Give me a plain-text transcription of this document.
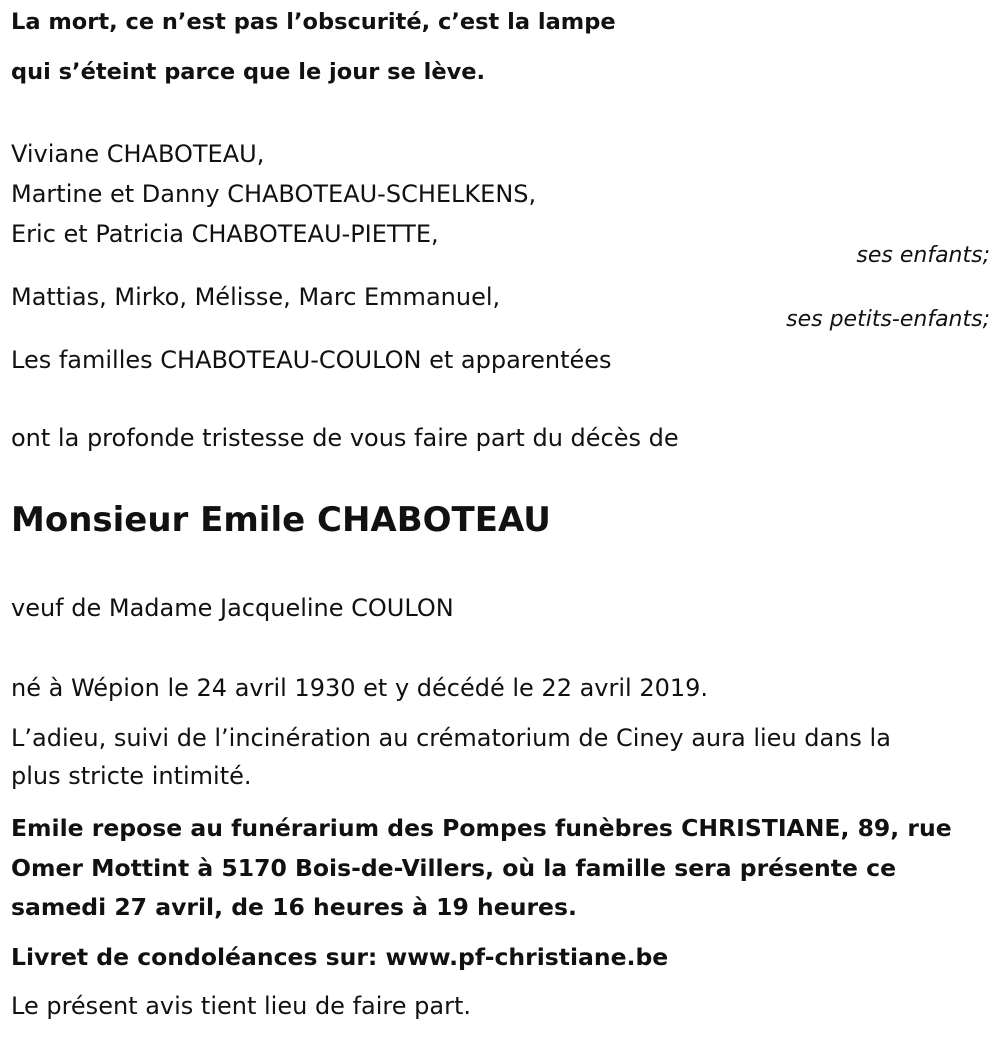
La mort, ce n’est pas l’obscurité, c’est la lampe

qui s’éteint parce que le jour se lève.

Viviane CHABOTEAU,

Martine et Danny CHABOTEAU-SCHELKENS,

Eric et Patricia CHABOTEAU-PIETTE,

ses enfants;

Mattias, Mirko, Mélisse, Marc Emmanuel,

ses petits-enfants;

Les familles CHABOTEAU-COULON et apparentées

ont la profonde tristesse de vous faire part du décès de

Monsieur Emile CHABOTEAU

veuf de Madame Jacqueline COULON

né à Wépion le 24 avril 1930 et y décédé le 22 avril 2019.

L’adieu, suivi de l’incinération au crématorium de Ciney aura lieu dans la

plus stricte intimité.

Emile repose au funérarium des Pompes funèbres CHRISTIANE, 89, rue

Omer Mottint à 5170 Bois-de-Villers, où la famille sera présente ce

samedi 27 avril, de 16 heures à 19 heures.

Livret de condoléances sur: www.pf-christiane.be

Le présent avis tient lieu de faire part.
